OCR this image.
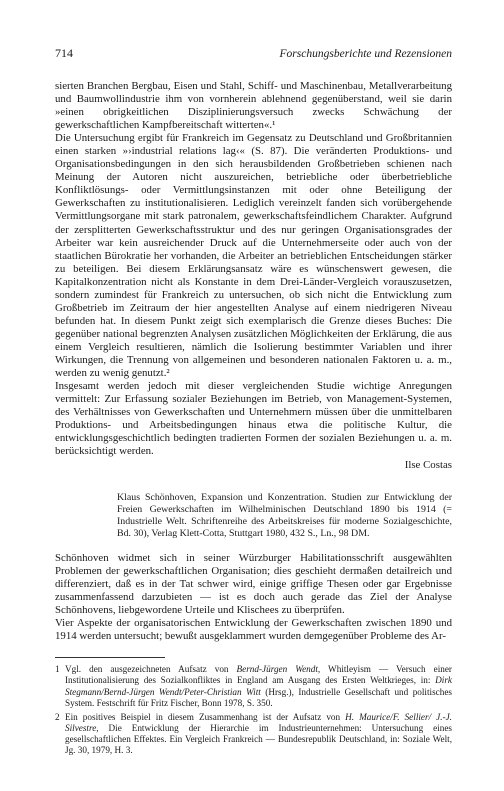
714	Forschungsberichte und Rezensionen

sierten Branchen Bergbau, Eisen und Stahl, Schiff- und Maschinenbau, Metallverarbeitung und Baumwollindustrie ihm von vornherein ablehnend gegenüberstand, weil sie darin »einen obrigkeitlichen Disziplinierungsversuch zwecks Schwächung der gewerkschaftlichen Kampfbereitschaft witterten«.¹

Die Untersuchung ergibt für Frankreich im Gegensatz zu Deutschland und Großbritannien einen starken »›industrial relations lag‹« (S. 87). Die veränderten Produktions- und Organisationsbedingungen in den sich herausbildenden Großbetrieben schienen nach Meinung der Autoren nicht auszureichen, betriebliche oder überbetriebliche Konfliktlösungs- oder Vermittlungsinstanzen mit oder ohne Beteiligung der Gewerkschaften zu institutionalisieren. Lediglich vereinzelt fanden sich vorübergehende Vermittlungsorgane mit stark patronalem, gewerkschaftsfeindlichem Charakter. Aufgrund der zersplitterten Gewerkschaftsstruktur und des nur geringen Organisationsgrades der Arbeiter war kein ausreichender Druck auf die Unternehmerseite oder auch von der staatlichen Bürokratie her vorhanden, die Arbeiter an betrieblichen Entscheidungen stärker zu beteiligen. Bei diesem Erklärungsansatz wäre es wünschenswert gewesen, die Kapitalkonzentration nicht als Konstante in dem Drei-Länder-Vergleich vorauszusetzen, sondern zumindest für Frankreich zu untersuchen, ob sich nicht die Entwicklung zum Großbetrieb im Zeitraum der hier angestellten Analyse auf einem niedrigeren Niveau befunden hat. In diesem Punkt zeigt sich exemplarisch die Grenze dieses Buches: Die gegenüber national begrenzten Analysen zusätzlichen Möglichkeiten der Erklärung, die aus einem Vergleich resultieren, nämlich die Isolierung bestimmter Variablen und ihrer Wirkungen, die Trennung von allgemeinen und besonderen nationalen Faktoren u. a. m., werden zu wenig genutzt.²

Insgesamt werden jedoch mit dieser vergleichenden Studie wichtige Anregungen vermittelt: Zur Erfassung sozialer Beziehungen im Betrieb, von Management-Systemen, des Verhältnisses von Gewerkschaften und Unternehmern müssen über die unmittelbaren Produktions- und Arbeitsbedingungen hinaus etwa die politische Kultur, die entwicklungsgeschichtlich bedingten tradierten Formen der sozialen Beziehungen u. a. m. berücksichtigt werden.

Ilse Costas
Klaus Schönhoven, Expansion und Konzentration. Studien zur Entwicklung der Freien Gewerkschaften im Wilhelminischen Deutschland 1890 bis 1914 (= Industrielle Welt. Schriftenreihe des Arbeitskreises für moderne Sozialgeschichte, Bd. 30), Verlag Klett-Cotta, Stuttgart 1980, 432 S., Ln., 98 DM.

Schönhoven widmet sich in seiner Würzburger Habilitationsschrift ausgewählten Problemen der gewerkschaftlichen Organisation; dies geschieht dermaßen detailreich und differenziert, daß es in der Tat schwer wird, einige griffige Thesen oder gar Ergebnisse zusammenfassend darzubieten — ist es doch auch gerade das Ziel der Analyse Schönhovens, liebgewordene Urteile und Klischees zu überprüfen.

Vier Aspekte der organisatorischen Entwicklung der Gewerkschaften zwischen 1890 und 1914 werden untersucht; bewußt ausgeklammert wurden demgegenüber Probleme des Ar-

1 Vgl. den ausgezeichneten Aufsatz von Bernd-Jürgen Wendt, Whitleyism — Versuch einer Institutionalisierung des Sozialkonfliktes in England am Ausgang des Ersten Weltkrieges, in: Dirk Stegmann/Bernd-Jürgen Wendt/Peter-Christian Witt (Hrsg.), Industrielle Gesellschaft und politisches System. Festschrift für Fritz Fischer, Bonn 1978, S. 350.
2 Ein positives Beispiel in diesem Zusammenhang ist der Aufsatz von H. Maurice/F. Sellier/ J.-J. Silvestre, Die Entwicklung der Hierarchie im Industrieunternehmen: Untersuchung eines gesellschaftlichen Effektes. Ein Vergleich Frankreich — Bundesrepublik Deutschland, in: Soziale Welt, Jg. 30, 1979, H. 3.
